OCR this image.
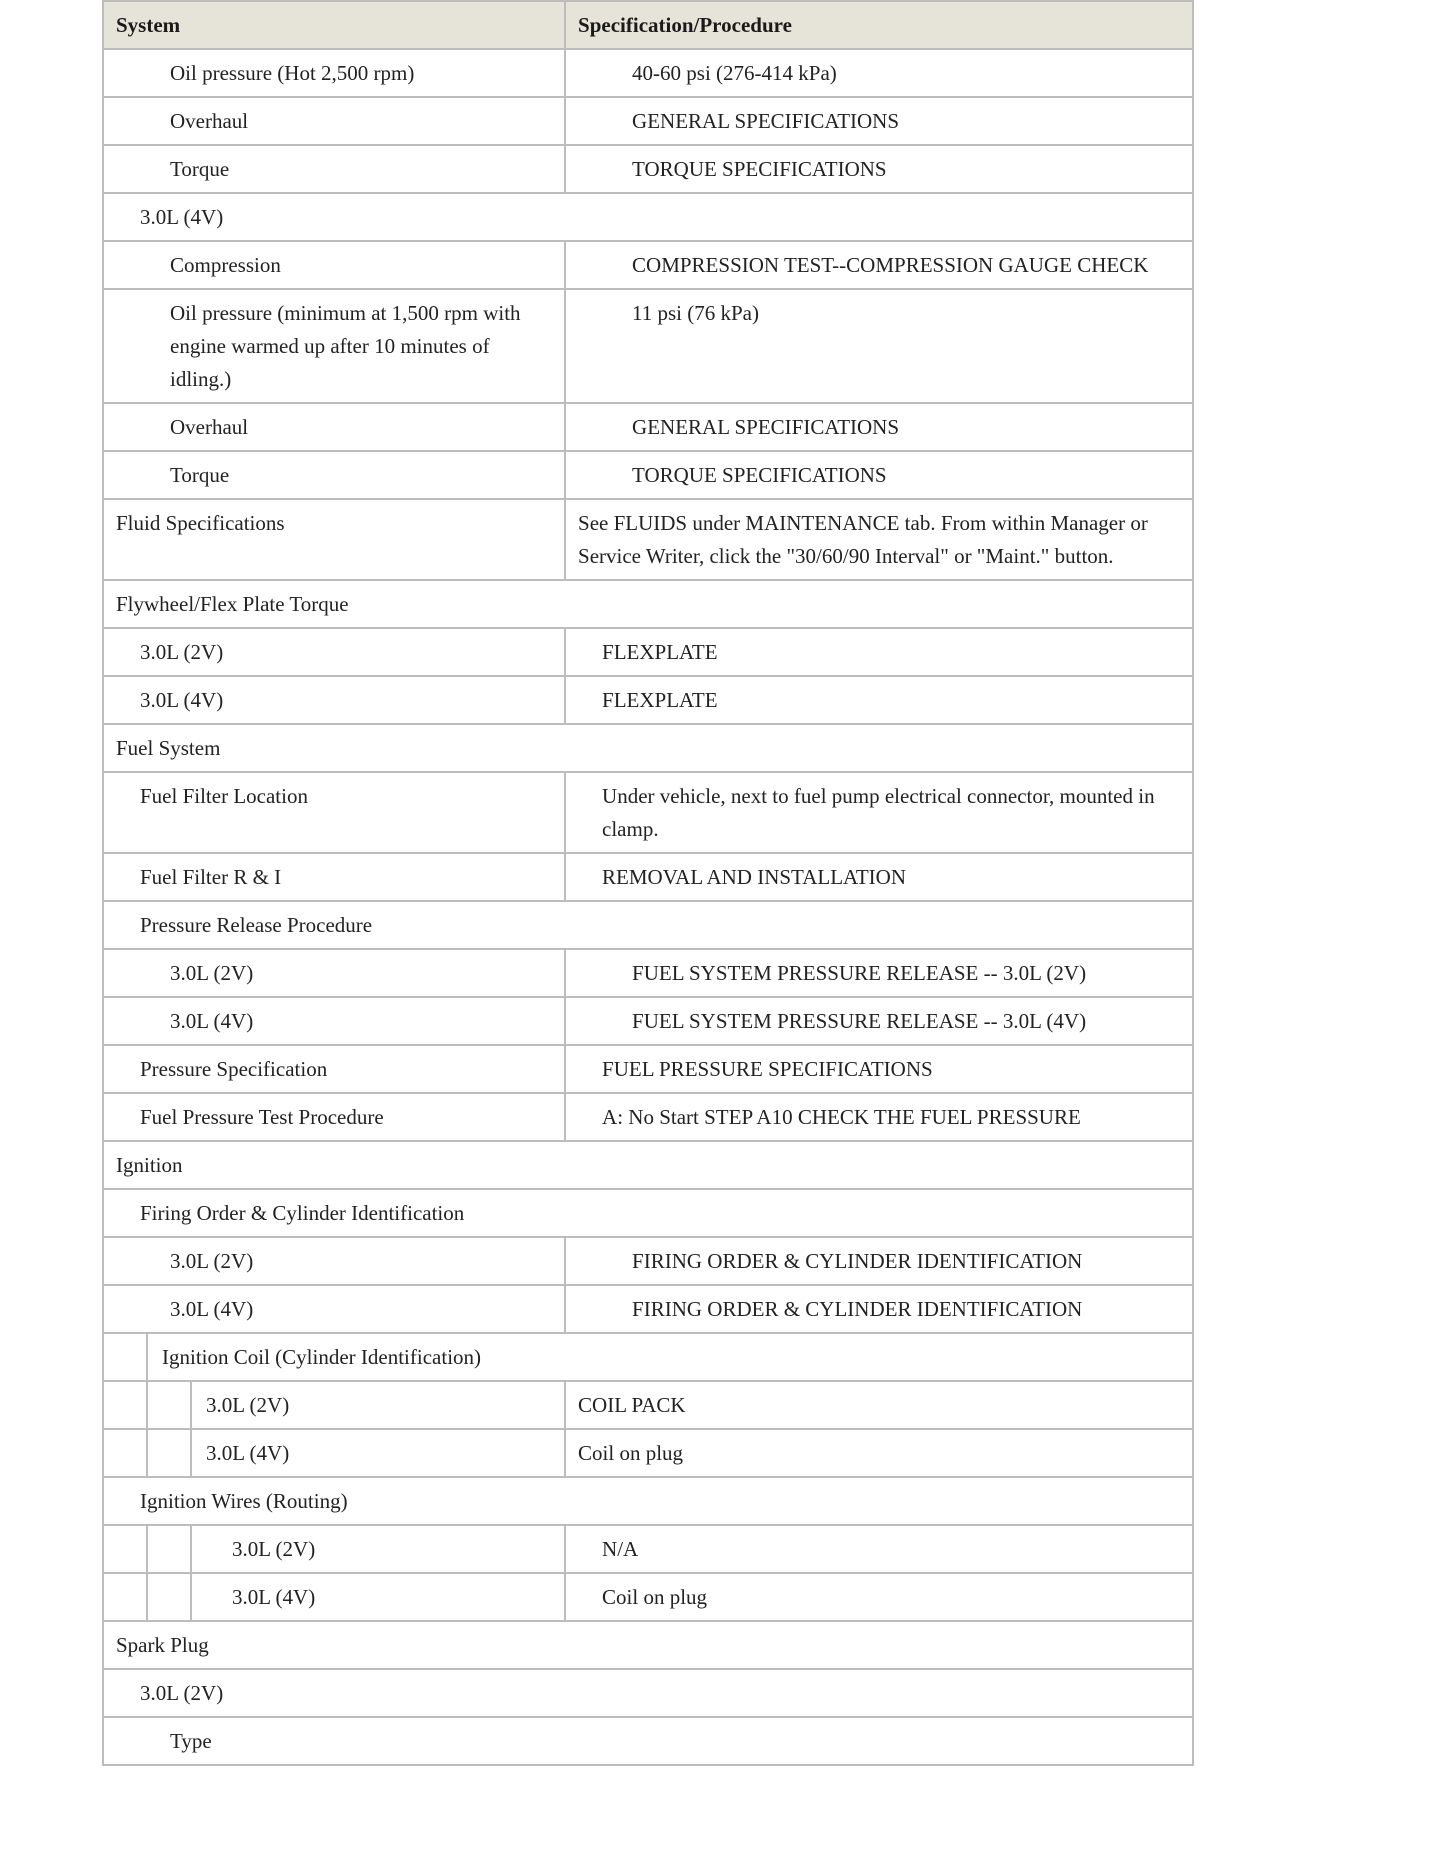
System			Specification/Procedure
Oil pressure (Hot 2,500 rpm)			40-60 psi (276-414 kPa)
Overhaul			GENERAL SPECIFICATIONS
Torque			TORQUE SPECIFICATIONS
3.0L (4V)			
Compression			COMPRESSION TEST--COMPRESSION GAUGE CHECK
Oil pressure (minimum at 1,500 rpm with engine warmed up after 10 minutes of idling.)			11 psi (76 kPa)
Overhaul			GENERAL SPECIFICATIONS
Torque			TORQUE SPECIFICATIONS
Fluid Specifications			See FLUIDS under MAINTENANCE tab. From within Manager or Service Writer, click the "30/60/90 Interval" or "Maint." button.
Flywheel/Flex Plate Torque			
3.0L (2V)			FLEXPLATE
3.0L (4V)			FLEXPLATE
Fuel System			
Fuel Filter Location			Under vehicle, next to fuel pump electrical connector, mounted in clamp.
Fuel Filter R & I			REMOVAL AND INSTALLATION
Pressure Release Procedure			
3.0L (2V)			FUEL SYSTEM PRESSURE RELEASE -- 3.0L (2V)
3.0L (4V)			FUEL SYSTEM PRESSURE RELEASE -- 3.0L (4V)
Pressure Specification			FUEL PRESSURE SPECIFICATIONS
Fuel Pressure Test Procedure			A: No Start STEP A10 CHECK THE FUEL PRESSURE
Ignition			
Firing Order & Cylinder Identification			
3.0L (2V)			FIRING ORDER & CYLINDER IDENTIFICATION
3.0L (4V)			FIRING ORDER & CYLINDER IDENTIFICATION
	Ignition Coil (Cylinder Identification)		
		3.0L (2V)	COIL PACK
		3.0L (4V)	Coil on plug
Ignition Wires (Routing)			
		3.0L (2V)	N/A
		3.0L (4V)	Coil on plug
Spark Plug			
3.0L (2V)			
Type			
